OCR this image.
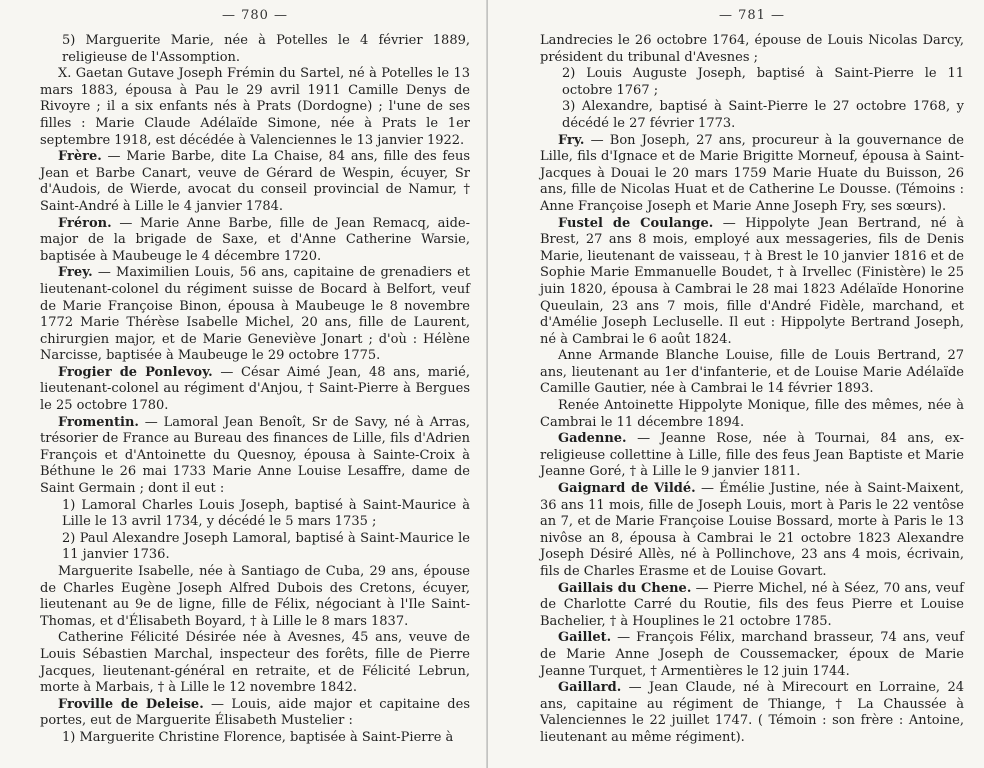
— 780 —

5) Marguerite Marie, née à Potelles le 4 février 1889, religieuse de l'Assomption.

X. Gaetan Gutave Joseph Frémin du Sartel, né à Potelles le 13 mars 1883, épousa à Pau le 29 avril 1911 Camille Denys de Rivoyre ; il a six enfants nés à Prats (Dordogne) ; l'une de ses filles : Marie Claude Adélaïde Simone, née à Prats le 1er septembre 1918, est décédée à Valenciennes le 13 janvier 1922.

Frère. — Marie Barbe, dite La Chaise, 84 ans, fille des feus Jean et Barbe Canart, veuve de Gérard de Wespin, écuyer, Sr d'Audois, de Wierde, avocat du conseil provincial de Namur, † Saint-André à Lille le 4 janvier 1784.

Fréron. — Marie Anne Barbe, fille de Jean Remacq, aide-major de la brigade de Saxe, et d'Anne Catherine Warsie, baptisée à Maubeuge le 4 décembre 1720.

Frey. — Maximilien Louis, 56 ans, capitaine de grenadiers et lieutenant-colonel du régiment suisse de Bocard à Belfort, veuf de Marie Françoise Binon, épousa à Maubeuge le 8 novembre 1772 Marie Thérèse Isabelle Michel, 20 ans, fille de Laurent, chirurgien major, et de Marie Geneviève Jonart ; d'où : Hélène Narcisse, baptisée à Maubeuge le 29 octobre 1775.

Frogier de Ponlevoy. — César Aimé Jean, 48 ans, marié, lieutenant-colonel au régiment d'Anjou, † Saint-Pierre à Bergues le 25 octobre 1780.

Fromentin. — Lamoral Jean Benoît, Sr de Savy, né à Arras, trésorier de France au Bureau des finances de Lille, fils d'Adrien François et d'Antoinette du Quesnoy, épousa à Sainte-Croix à Béthune le 26 mai 1733 Marie Anne Louise Lesaffre, dame de Saint Germain ; dont il eut :

1) Lamoral Charles Louis Joseph, baptisé à Saint-Maurice à Lille le 13 avril 1734, y décédé le 5 mars 1735 ;

2) Paul Alexandre Joseph Lamoral, baptisé à Saint-Maurice le 11 janvier 1736.

Marguerite Isabelle, née à Santiago de Cuba, 29 ans, épouse de Charles Eugène Joseph Alfred Dubois des Cretons, écuyer, lieutenant au 9e de ligne, fille de Félix, négociant à l'Ile Saint-Thomas, et d'Élisabeth Boyard, † à Lille le 8 mars 1837.

Catherine Félicité Désirée née à Avesnes, 45 ans, veuve de Louis Sébastien Marchal, inspecteur des forêts, fille de Pierre Jacques, lieutenant-général en retraite, et de Félicité Lebrun, morte à Marbais, † à Lille le 12 novembre 1842.

Froville de Deleise. — Louis, aide major et capitaine des portes, eut de Marguerite Élisabeth Mustelier :

1) Marguerite Christine Florence, baptisée à Saint-Pierre à

— 781 —

Landrecies le 26 octobre 1764, épouse de Louis Nicolas Darcy, président du tribunal d'Avesnes ;

2) Louis Auguste Joseph, baptisé à Saint-Pierre le 11 octobre 1767 ;

3) Alexandre, baptisé à Saint-Pierre le 27 octobre 1768, y décédé le 27 février 1773.

Fry. — Bon Joseph, 27 ans, procureur à la gouvernance de Lille, fils d'Ignace et de Marie Brigitte Morneuf, épousa à Saint-Jacques à Douai le 20 mars 1759 Marie Huate du Buisson, 26 ans, fille de Nicolas Huat et de Catherine Le Dousse. (Témoins : Anne Françoise Joseph et Marie Anne Joseph Fry, ses sœurs).

Fustel de Coulange. — Hippolyte Jean Bertrand, né à Brest, 27 ans 8 mois, employé aux messageries, fils de Denis Marie, lieutenant de vaisseau, † à Brest le 10 janvier 1816 et de Sophie Marie Emmanuelle Boudet, † à Irvellec (Finistère) le 25 juin 1820, épousa à Cambrai le 28 mai 1823 Adélaïde Honorine Queulain, 23 ans 7 mois, fille d'André Fidèle, marchand, et d'Amélie Joseph Lecluselle. Il eut : Hippolyte Bertrand Joseph, né à Cambrai le 6 août 1824.

Anne Armande Blanche Louise, fille de Louis Bertrand, 27 ans, lieutenant au 1er d'infanterie, et de Louise Marie Adélaïde Camille Gautier, née à Cambrai le 14 février 1893.

Renée Antoinette Hippolyte Monique, fille des mêmes, née à Cambrai le 11 décembre 1894.

Gadenne. — Jeanne Rose, née à Tournai, 84 ans, ex-religieuse collettine à Lille, fille des feus Jean Baptiste et Marie Jeanne Goré, † à Lille le 9 janvier 1811.

Gaignard de Vildé. — Émélie Justine, née à Saint-Maixent, 36 ans 11 mois, fille de Joseph Louis, mort à Paris le 22 ventôse an 7, et de Marie Françoise Louise Bossard, morte à Paris le 13 nivôse an 8, épousa à Cambrai le 21 octobre 1823 Alexandre Joseph Désiré Allès, né à Pollinchove, 23 ans 4 mois, écrivain, fils de Charles Erasme et de Louise Govart.

Gaillais du Chene. — Pierre Michel, né à Séez, 70 ans, veuf de Charlotte Carré du Routie, fils des feus Pierre et Louise Bachelier, † à Houplines le 21 octobre 1785.

Gaillet. — François Félix, marchand brasseur, 74 ans, veuf de Marie Anne Joseph de Coussemacker, époux de Marie Jeanne Turquet, † Armentières le 12 juin 1744.

Gaillard. — Jean Claude, né à Mirecourt en Lorraine, 24 ans, capitaine au régiment de Thiange, † La Chaussée à Valenciennes le 22 juillet 1747. ( Témoin : son frère : Antoine, lieutenant au même régiment).
